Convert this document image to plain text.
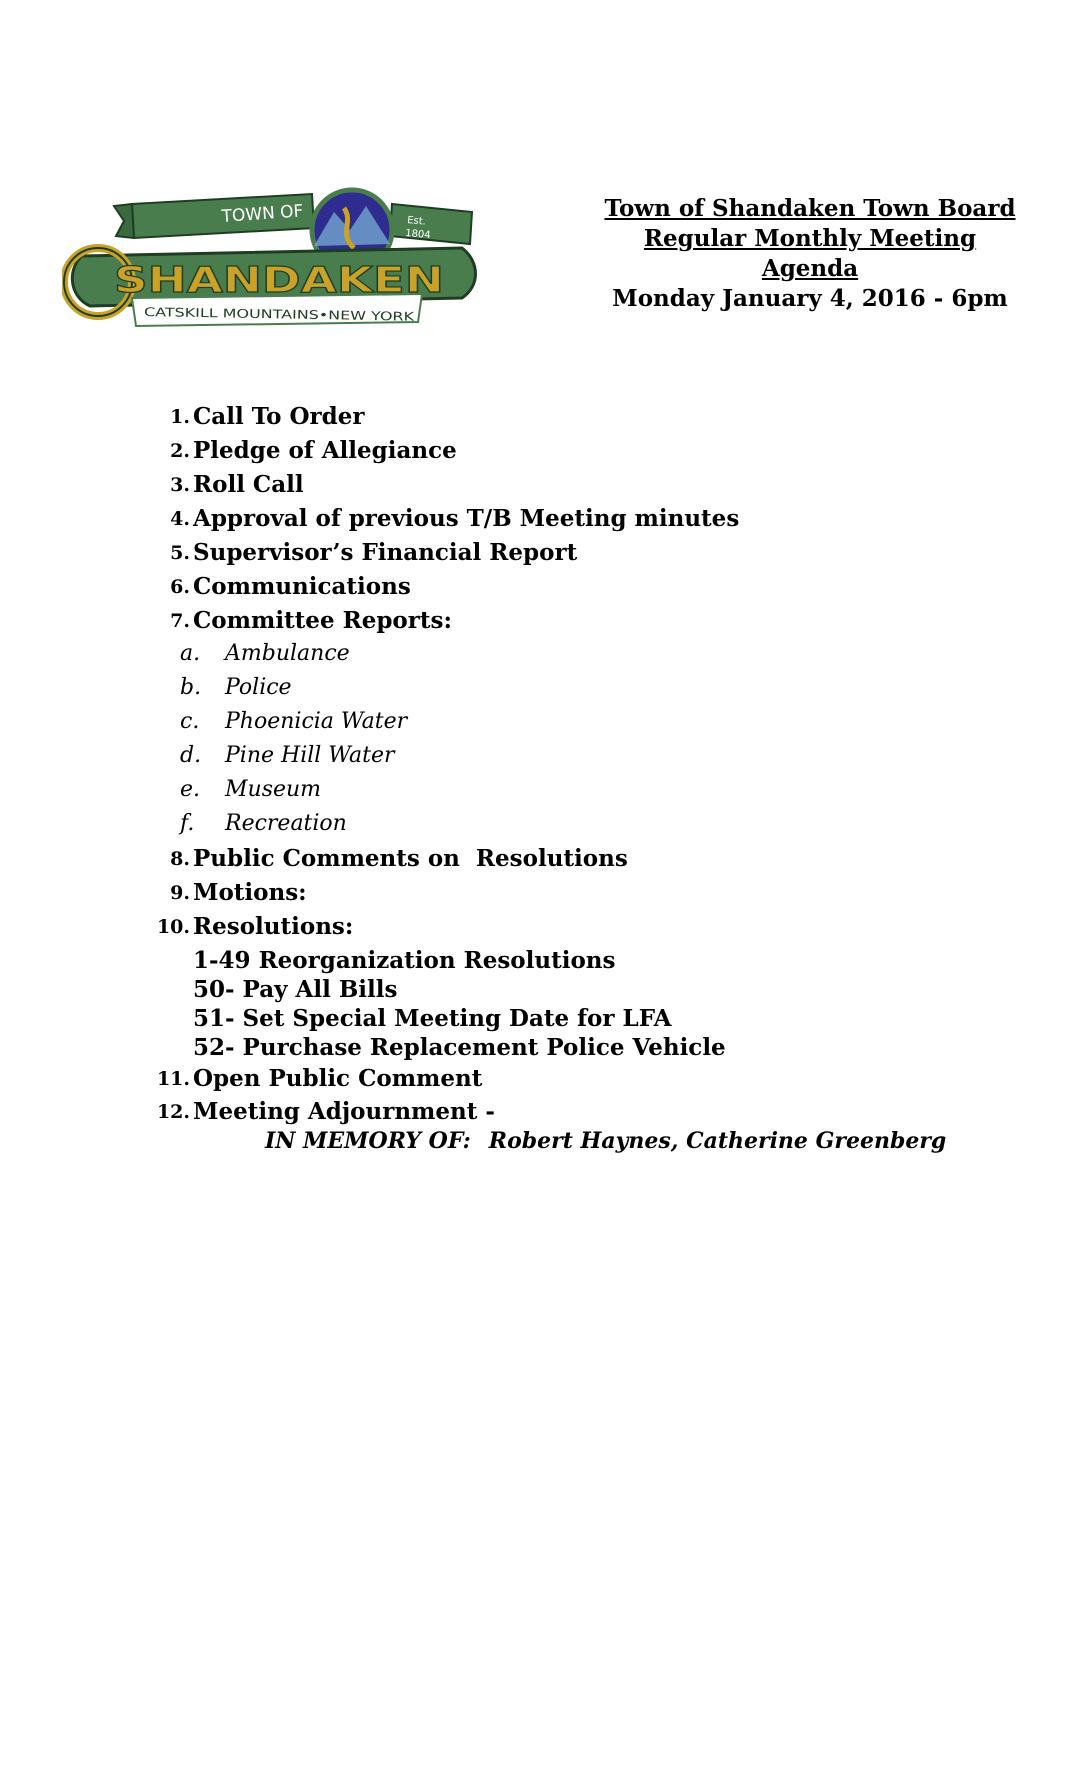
TOWN OF	Est.
1804
SHANDAKEN
CATSKILL MOUNTAINS•NEW YORK
Town of Shandaken Town Board
Regular Monthly Meeting Agenda
Monday January 4, 2016 - 6pm
1. Call To Order
2. Pledge of Allegiance
3. Roll Call
4. Approval of previous T/B Meeting minutes
5. Supervisor’s Financial Report
6. Communications
7. Committee Reports:
a.	Ambulance
b.	Police
c.	Phoenicia Water
d.	Pine Hill Water
e.	Museum
f.	Recreation
8. Public Comments on  Resolutions
9. Motions:
10. Resolutions:
1-49 Reorganization Resolutions
50- Pay All Bills
51- Set Special Meeting Date for LFA
52- Purchase Replacement Police Vehicle
11. Open Public Comment
12. Meeting Adjournment -
IN MEMORY OF: Robert Haynes, Catherine Greenberg
